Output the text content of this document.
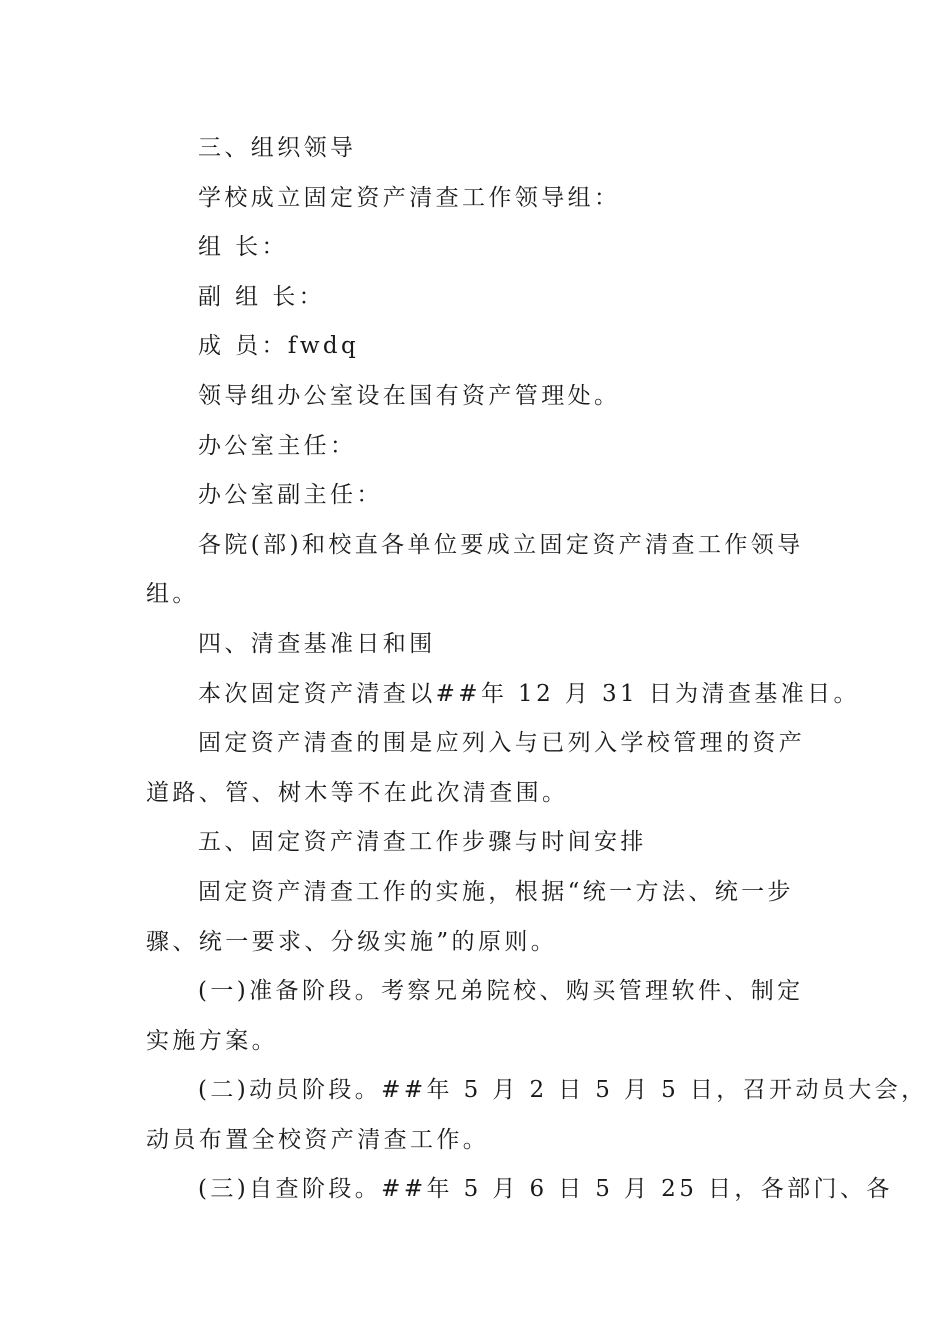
三、组织领导
学校成立固定资产清查工作领导组：
组 长：
副 组 长：
成 员：fwdq
领导组办公室设在国有资产管理处。
办公室主任：
办公室副主任：
各院(部)和校直各单位要成立固定资产清查工作领导
组。
四、清查基准日和围
本次固定资产清查以##年 12 月 31 日为清查基准日。
固定资产清查的围是应列入与已列入学校管理的资产
道路、管、树木等不在此次清查围。
五、固定资产清查工作步骤与时间安排
固定资产清查工作的实施，根据“统一方法、统一步
骤、统一要求、分级实施”的原则。
(一)准备阶段。考察兄弟院校、购买管理软件、制定
实施方案。
(二)动员阶段。##年 5 月 2 日 5 月 5 日，召开动员大会，
动员布置全校资产清查工作。
(三)自查阶段。##年 5 月 6 日 5 月 25 日，各部门、各
